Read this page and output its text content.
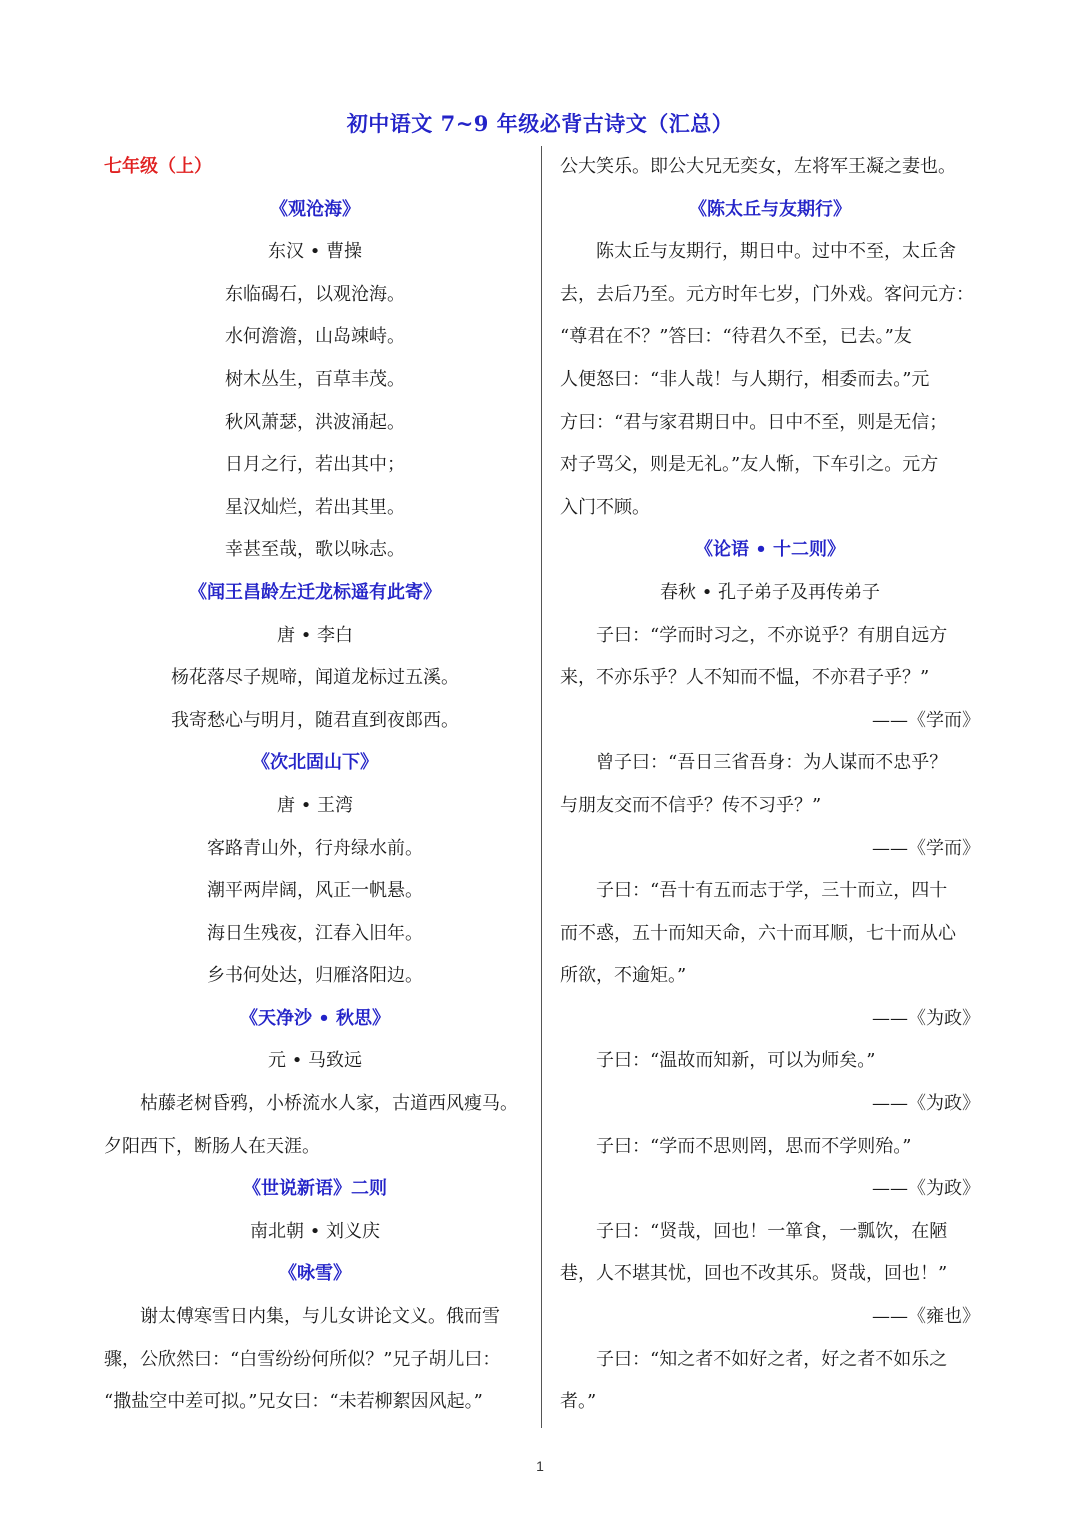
初中语文 7~9 年级必背古诗文（汇总）
七年级（上）
《观沧海》
东汉 • 曹操
东临碣石，以观沧海。
水何澹澹，山岛竦峙。
树木丛生，百草丰茂。
秋风萧瑟，洪波涌起。
日月之行，若出其中；
星汉灿烂，若出其里。
幸甚至哉，歌以咏志。
《闻王昌龄左迁龙标遥有此寄》
唐 • 李白
杨花落尽子规啼，闻道龙标过五溪。
我寄愁心与明月，随君直到夜郎西。
《次北固山下》
唐 • 王湾
客路青山外，行舟绿水前。
潮平两岸阔，风正一帆悬。
海日生残夜，江春入旧年。
乡书何处达，归雁洛阳边。
《天净沙 • 秋思》
元 • 马致远
枯藤老树昏鸦，小桥流水人家，古道西风瘦马。
夕阳西下，断肠人在天涯。
《世说新语》二则
南北朝 • 刘义庆
《咏雪》
谢太傅寒雪日内集，与儿女讲论文义。俄而雪
骤，公欣然曰：“白雪纷纷何所似？”兄子胡儿曰：
“撒盐空中差可拟。”兄女曰：“未若柳絮因风起。”
公大笑乐。即公大兄无奕女，左将军王凝之妻也。
《陈太丘与友期行》
陈太丘与友期行，期日中。过中不至，太丘舍
去，去后乃至。元方时年七岁，门外戏。客问元方：
“尊君在不？”答曰：“待君久不至，已去。”友
人便怒曰：“非人哉！与人期行，相委而去。”元
方曰：“君与家君期日中。日中不至，则是无信；
对子骂父，则是无礼。”友人惭，下车引之。元方
入门不顾。
《论语 • 十二则》
春秋 • 孔子弟子及再传弟子
子曰：“学而时习之，不亦说乎？有朋自远方
来，不亦乐乎？人不知而不愠，不亦君子乎？”
——《学而》
曾子曰：“吾日三省吾身：为人谋而不忠乎？
与朋友交而不信乎？传不习乎？”
——《学而》
子曰：“吾十有五而志于学，三十而立，四十
而不惑，五十而知天命，六十而耳顺，七十而从心
所欲，不逾矩。”
——《为政》
子曰：“温故而知新，可以为师矣。”
——《为政》
子曰：“学而不思则罔，思而不学则殆。”
——《为政》
子曰：“贤哉，回也！一箪食，一瓢饮，在陋
巷，人不堪其忧，回也不改其乐。贤哉，回也！”
——《雍也》
子曰：“知之者不如好之者，好之者不如乐之
者。”
1
